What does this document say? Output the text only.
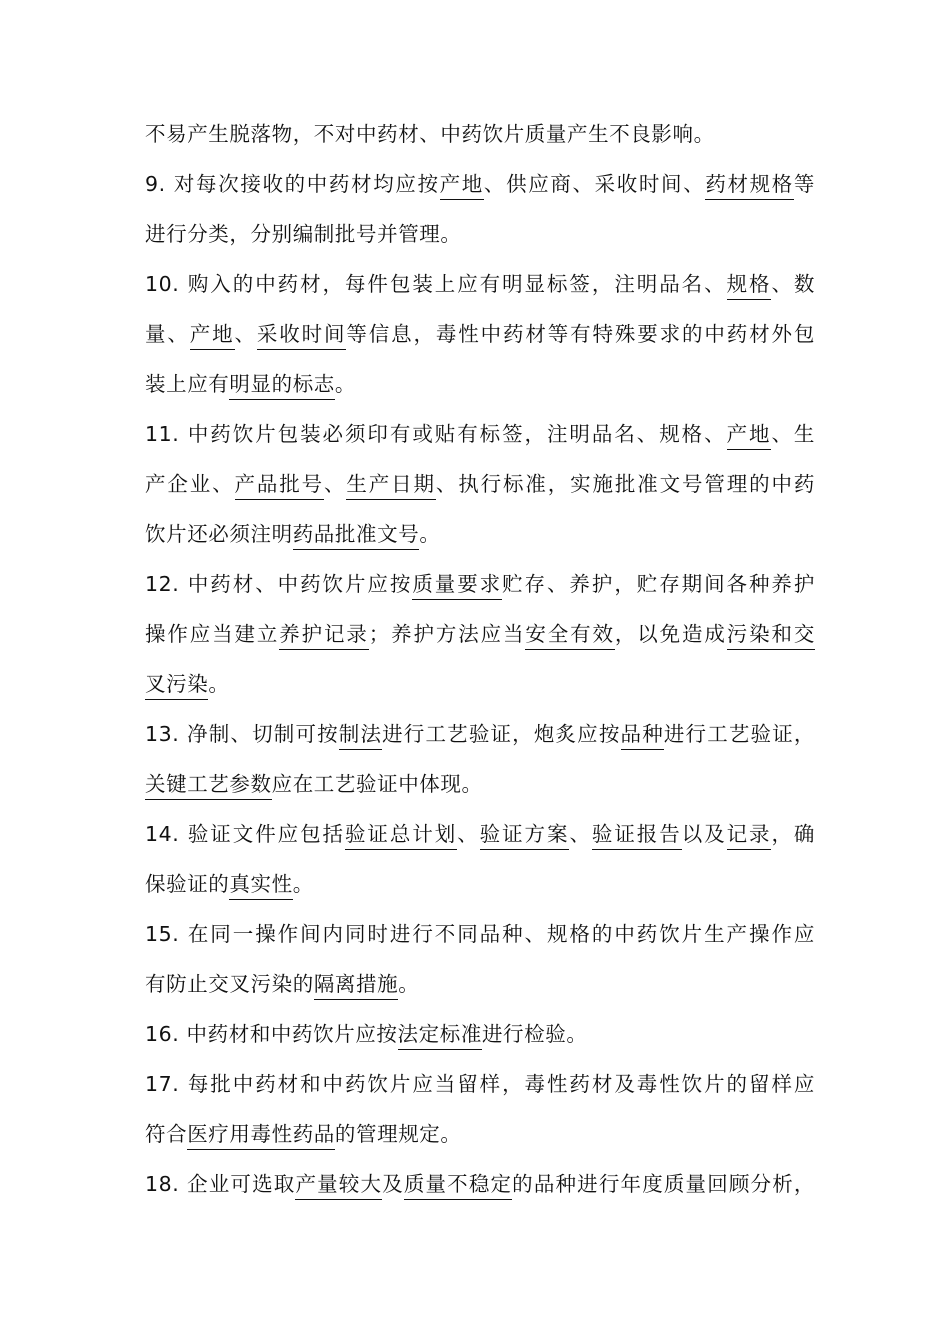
不易产生脱落物，不对中药材、中药饮片质量产生不良影响。
9. 对每次接收的中药材均应按产地、供应商、采收时间、药材规格等
进行分类，分别编制批号并管理。
10. 购入的中药材，每件包装上应有明显标签，注明品名、规格、数
量、产地、采收时间等信息，毒性中药材等有特殊要求的中药材外包
装上应有明显的标志。
11. 中药饮片包装必须印有或贴有标签，注明品名、规格、产地、生
产企业、产品批号、生产日期、执行标准，实施批准文号管理的中药
饮片还必须注明药品批准文号。
12. 中药材、中药饮片应按质量要求贮存、养护，贮存期间各种养护
操作应当建立养护记录；养护方法应当安全有效，以免造成污染和交
叉污染。
13. 净制、切制可按制法进行工艺验证，炮炙应按品种进行工艺验证，
关键工艺参数应在工艺验证中体现。
14. 验证文件应包括验证总计划、验证方案、验证报告以及记录，确
保验证的真实性。
15. 在同一操作间内同时进行不同品种、规格的中药饮片生产操作应
有防止交叉污染的隔离措施。
16. 中药材和中药饮片应按法定标准进行检验。
17. 每批中药材和中药饮片应当留样，毒性药材及毒性饮片的留样应
符合医疗用毒性药品的管理规定。
18. 企业可选取产量较大及质量不稳定的品种进行年度质量回顾分析，
